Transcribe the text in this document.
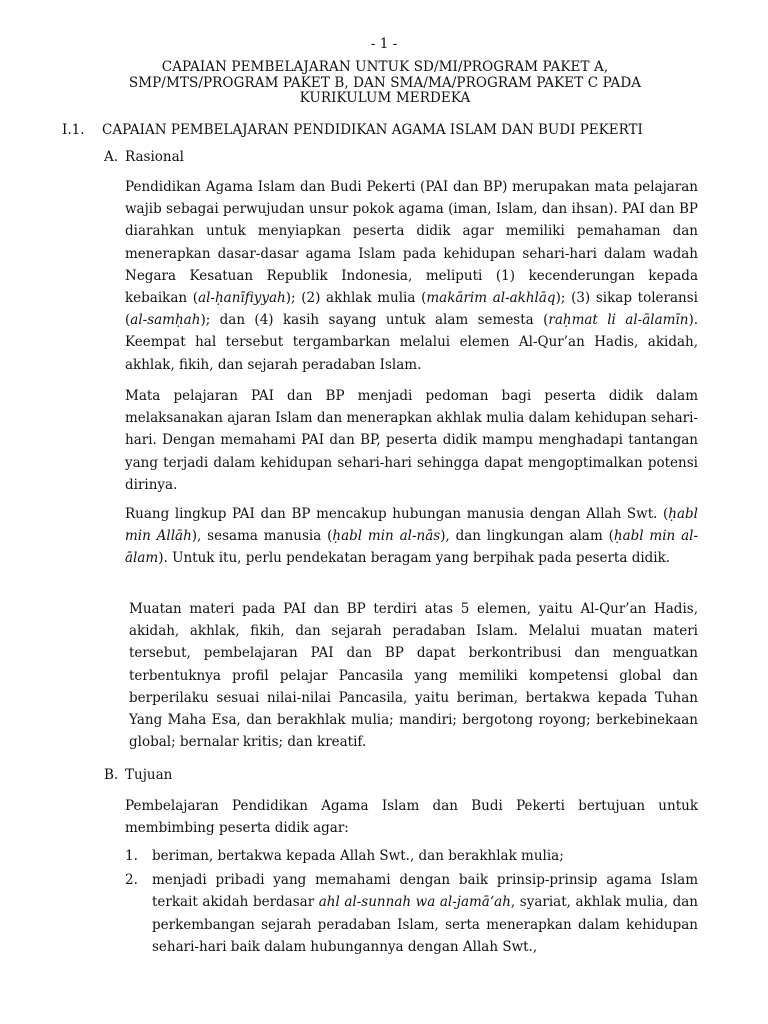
- 1 -
CAPAIAN PEMBELAJARAN UNTUK SD/MI/PROGRAM PAKET A,
SMP/MTS/PROGRAM PAKET B, DAN SMA/MA/PROGRAM PAKET C PADA
KURIKULUM MERDEKA
I.1. CAPAIAN PEMBELAJARAN PENDIDIKAN AGAMA ISLAM DAN BUDI PEKERTI
A. Rasional

Pendidikan Agama Islam dan Budi Pekerti (PAI dan BP) merupakan mata pelajaran wajib sebagai perwujudan unsur pokok agama (iman, Islam, dan ihsan). PAI dan BP diarahkan untuk menyiapkan peserta didik agar memiliki pemahaman dan menerapkan dasar-dasar agama Islam pada kehidupan sehari-hari dalam wadah Negara Kesatuan Republik Indonesia, meliputi (1) kecenderungan kepada kebaikan (al-ḥanīfiyyah); (2) akhlak mulia (makārim al-akhlāq); (3) sikap toleransi (al-samḥah); dan (4) kasih sayang untuk alam semesta (raḥmat li al-ālamīn). Keempat hal tersebut tergambarkan melalui elemen Al-Qur’an Hadis, akidah, akhlak, fikih, dan sejarah peradaban Islam.

Mata pelajaran PAI dan BP menjadi pedoman bagi peserta didik dalam melaksanakan ajaran Islam dan menerapkan akhlak mulia dalam kehidupan sehari-hari. Dengan memahami PAI dan BP, peserta didik mampu menghadapi tantangan yang terjadi dalam kehidupan sehari-hari sehingga dapat mengoptimalkan potensi dirinya.

Ruang lingkup PAI dan BP mencakup hubungan manusia dengan Allah Swt. (ḥabl min Allāh), sesama manusia (ḥabl min al-nās), dan lingkungan alam (ḥabl min al-ālam). Untuk itu, perlu pendekatan beragam yang berpihak pada peserta didik.

Muatan materi pada PAI dan BP terdiri atas 5 elemen, yaitu Al-Qur’an Hadis, akidah, akhlak, fikih, dan sejarah peradaban Islam. Melalui muatan materi tersebut, pembelajaran PAI dan BP dapat berkontribusi dan menguatkan terbentuknya profil pelajar Pancasila yang memiliki kompetensi global dan berperilaku sesuai nilai-nilai Pancasila, yaitu beriman, bertakwa kepada Tuhan Yang Maha Esa, dan berakhlak mulia; mandiri; bergotong royong; berkebinekaan global; bernalar kritis; dan kreatif.

B. Tujuan

Pembelajaran Pendidikan Agama Islam dan Budi Pekerti bertujuan untuk membimbing peserta didik agar:

1. beriman, bertakwa kepada Allah Swt., dan berakhlak mulia;
2. menjadi pribadi yang memahami dengan baik prinsip-prinsip agama Islam terkait akidah berdasar ahl al-sunnah wa al-jamā‘ah, syariat, akhlak mulia, dan perkembangan sejarah peradaban Islam, serta menerapkan dalam kehidupan sehari-hari baik dalam hubungannya dengan Allah Swt.,
